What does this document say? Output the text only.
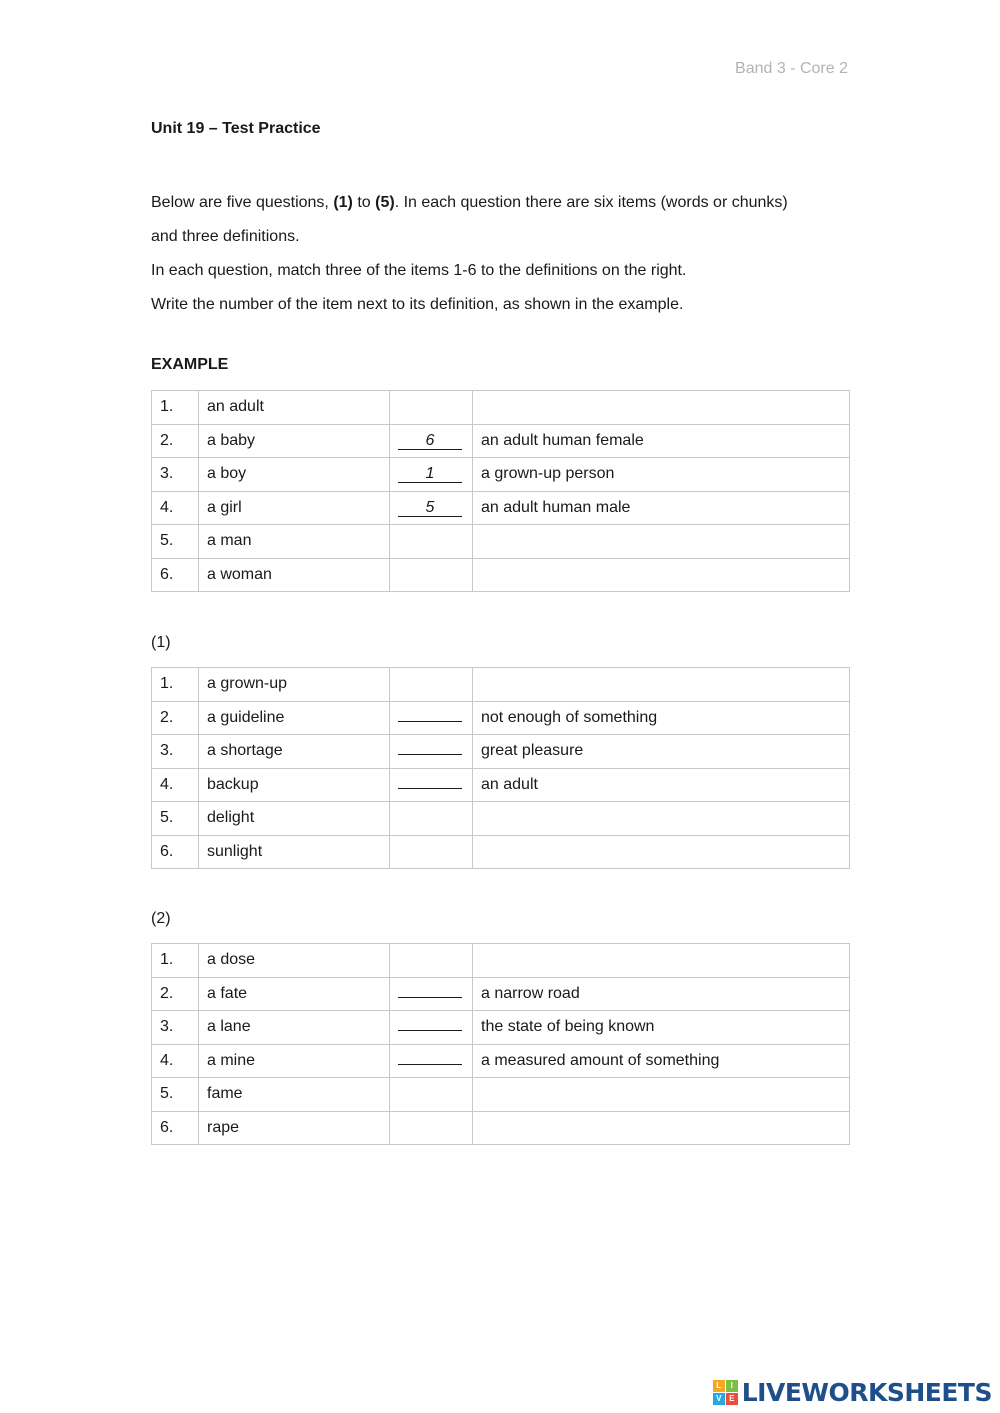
Band 3 - Core 2
Unit 19 – Test Practice

Below are five questions, (1) to (5). In each question there are six items (words or chunks)

and three definitions.

In each question, match three of the items 1-6 to the definitions on the right.

Write the number of the item next to its definition, as shown in the example.

EXAMPLE
1.	an adult		
2.	a baby	6	an adult human female
3.	a boy	1	a grown-up person
4.	a girl	5	an adult human male
5.	a man		
6.	a woman		
(1)
1.	a grown-up		
2.	a guideline		not enough of something
3.	a shortage		great pleasure
4.	backup		an adult
5.	delight		
6.	sunlight		
(2)
1.	a dose		
2.	a fate		a narrow road
3.	a lane		the state of being known
4.	a mine		a measured amount of something
5.	fame		
6.	rape		
L	I
V E LIVEWORKSHEETS
